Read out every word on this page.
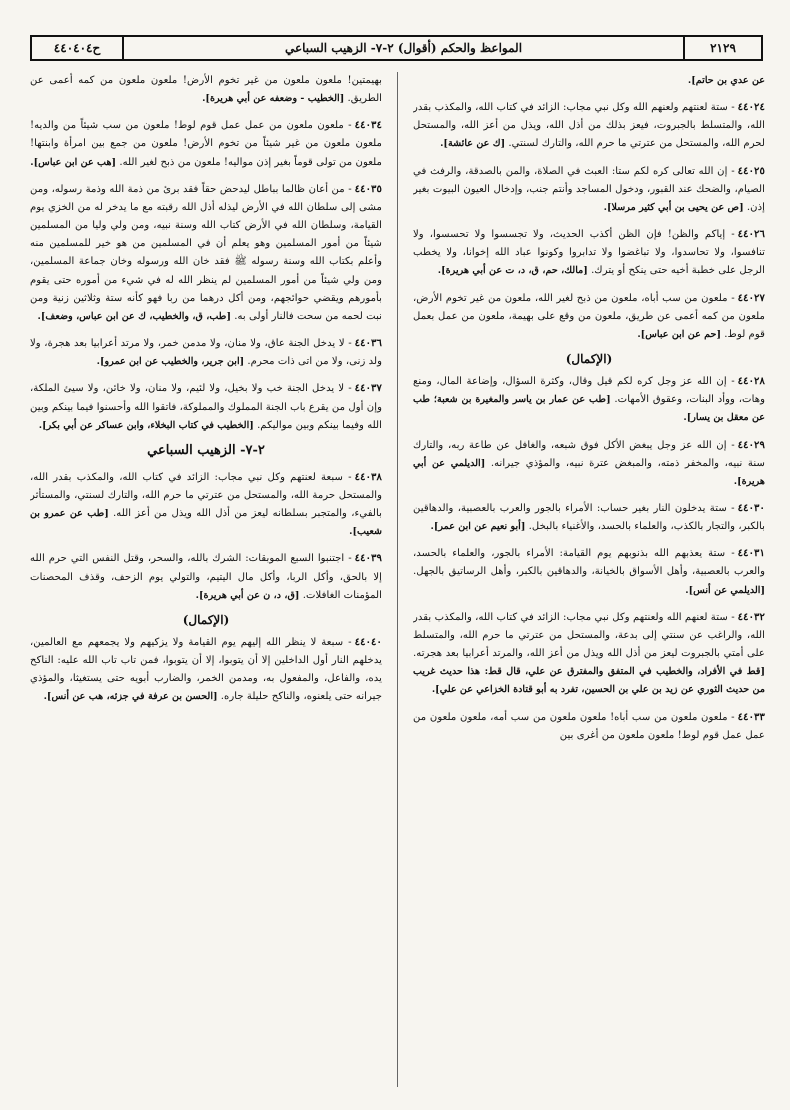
٢١٢٩
المواعظ والحكم (أقوال) ٢-٧- الزهيب السباعي
ح٤٤٠٤٠٤

عن عدي بن حاتم].

٤٤٠٢٤- ستة لعنتهم ولعنهم الله وكل نبي مجاب: الزائد في كتاب الله، والمكذب بقدر الله، والمتسلط بالجبروت، فيعز بذلك من أذل الله، ويذل من أعز الله، والمستحل لحرم الله، والمستحل من عترتي ما حرم الله، والتارك لسنتي. [ك عن عائشة].

٤٤٠٢٥- إن الله تعالى كره لكم ستا: العبث في الصلاة، والمن بالصدقة، والرفث في الصيام، والضحك عند القبور، ودخول المساجد وأنتم جنب، وإدخال العيون البيوت بغير إذن. [ص عن يحيى بن أبي كثير مرسلا].

٤٤٠٢٦- إياكم والظن! فإن الظن أكذب الحديث، ولا تجسسوا ولا تحسسوا، ولا تنافسوا، ولا تحاسدوا، ولا تباغضوا ولا تدابروا وكونوا عباد الله إخوانا، ولا يخطب الرجل على خطبة أخيه حتى ينكح أو يترك. [مالك، حم، ق، د، ت عن أبي هريرة].

٤٤٠٢٧- ملعون من سب أباه، ملعون من ذبح لغير الله، ملعون من غير تخوم الأرض، ملعون من كمه أعمى عن طريق، ملعون من وقع على بهيمة، ملعون من عمل بعمل قوم لوط. [حم عن ابن عباس].

(الإكمال)

٤٤٠٢٨- إن الله عز وجل كره لكم قيل وقال، وكثرة السؤال، وإضاعة المال، ومنع وهات، ووأد البنات، وعقوق الأمهات. [طب عن عمار بن ياسر والمغيرة بن شعبة؛ طب عن معقل بن يسار].

٤٤٠٢٩- إن الله عز وجل يبغض الأكل فوق شبعه، والغافل عن طاعة ربه، والتارك سنة نبيه، والمخفر ذمته، والمبغض عترة نبيه، والمؤذي جيرانه. [الديلمي عن أبي هريرة].

٤٤٠٣٠- ستة يدخلون النار بغير حساب: الأمراء بالجور والعرب بالعصبية، والدهاقين بالكبر، والتجار بالكذب، والعلماء بالحسد، والأغنياء بالبخل. [أبو نعيم عن ابن عمر].

٤٤٠٣١- ستة يعذبهم الله بذنوبهم يوم القيامة: الأمراء بالجور، والعلماء بالحسد، والعرب بالعصبية، وأهل الأسواق بالخيانة، والدهاقين بالكبر، وأهل الرساتيق بالجهل. [الديلمي عن أنس].

٤٤٠٣٢- ستة لعنهم الله ولعنتهم وكل نبي مجاب: الزائد في كتاب الله، والمكذب بقدر الله، والراغب عن سنتي إلى بدعة، والمستحل من عترتي ما حرم الله، والمتسلط على أمتي بالجبروت ليعز من أذل الله ويذل من أعز الله، والمرتد أعرابيا بعد هجرته. [قط في الأفراد، والخطيب في المتفق والمفترق عن علي، قال قط: هذا حديث غريب من حديث الثوري عن زيد بن علي بن الحسين، تفرد به أبو قتادة الخزاعي عن علي].

٤٤٠٣٣- ملعون ملعون من سب أباه! ملعون ملعون من سب أمه، ملعون ملعون من عمل عمل قوم لوط! ملعون ملعون من أغرى بين

بهيمتين! ملعون ملعون من غير تخوم الأرض! ملعون ملعون من كمه أعمى عن الطريق. [الخطيب - وضعفه عن أبي هريرة].

٤٤٠٣٤- ملعون ملعون من عمل عمل قوم لوط! ملعون من سب شيئاً من والديه! ملعون ملعون من غير شيئاً من تخوم الأرض! ملعون من جمع بين امرأة وابنتها! ملعون من تولى قوماً بغير إذن مواليه! ملعون من ذبح لغير الله. [هب عن ابن عباس].

٤٤٠٣٥- من أعان ظالما بباطل ليدحض حقاً فقد برئ من ذمة الله وذمة رسوله، ومن مشى إلى سلطان الله في الأرض ليذله أذل الله رقبته مع ما يدخر له من الخزي يوم القيامة، وسلطان الله في الأرض كتاب الله وسنة نبيه، ومن ولي وليا من المسلمين شيئاً من أمور المسلمين وهو يعلم أن في المسلمين من هو خير للمسلمين منه وأعلم بكتاب الله وسنة رسوله ﷺ فقد خان الله ورسوله وخان جماعة المسلمين، ومن ولي شيئاً من أمور المسلمين لم ينظر الله له في شيء من أموره حتى يقوم بأمورهم ويقضي حوائجهم، ومن أكل درهما من ربا فهو كأنه ستة وثلاثين زنية ومن نبت لحمه من سحت فالنار أولى به. [طب، ق، والخطيب، ك عن ابن عباس، وضعف].

٤٤٠٣٦- لا يدخل الجنة عاق، ولا منان، ولا مدمن خمر، ولا مرتد أعرابيا بعد هجرة، ولا ولد زنى، ولا من اتى ذات محرم. [ابن جرير، والخطيب عن ابن عمرو].

٤٤٠٣٧- لا يدخل الجنة خب ولا بخيل، ولا لئيم، ولا منان، ولا خائن، ولا سيئ الملكة، وإن أول من يقرع باب الجنة المملوك والمملوكة، فاتقوا الله وأحسنوا فيما بينكم وبين الله وفيما بينكم وبين مواليكم. [الخطيب في كتاب البخلاء، وابن عساكر عن أبي بكر].

٢-٧- الزهيب السباعي

٤٤٠٣٨- سبعة لعنتهم وكل نبي مجاب: الزائد في كتاب الله، والمكذب بقدر الله، والمستحل حرمة الله، والمستحل من عترتي ما حرم الله، والتارك لسنتي، والمستأثر بالفيء، والمتجبر بسلطانه ليعز من أذل الله ويذل من أعز الله. [طب عن عمرو بن شعيب].

٤٤٠٣٩- اجتنبوا السبع الموبقات: الشرك بالله، والسحر، وقتل النفس التي حرم الله إلا بالحق، وأكل الربا، وأكل مال اليتيم، والتولي يوم الزحف، وقذف المحصنات المؤمنات الغافلات. [ق، د، ن عن أبي هريرة].

(الإكمال)

٤٤٠٤٠- سبعة لا ينظر الله إليهم يوم القيامة ولا يزكيهم ولا يجمعهم مع العالمين، يدخلهم النار أول الداخلين إلا أن يتوبوا، إلا أن يتوبوا، فمن تاب تاب الله عليه: الناكح يده، والفاعل، والمفعول به، ومدمن الخمر، والضارب أبويه حتى يستغيثا، والمؤذي جيرانه حتى يلعنوه، والناكح حليلة جاره. [الحسن بن عرفة في جزئه، هب عن أنس].
